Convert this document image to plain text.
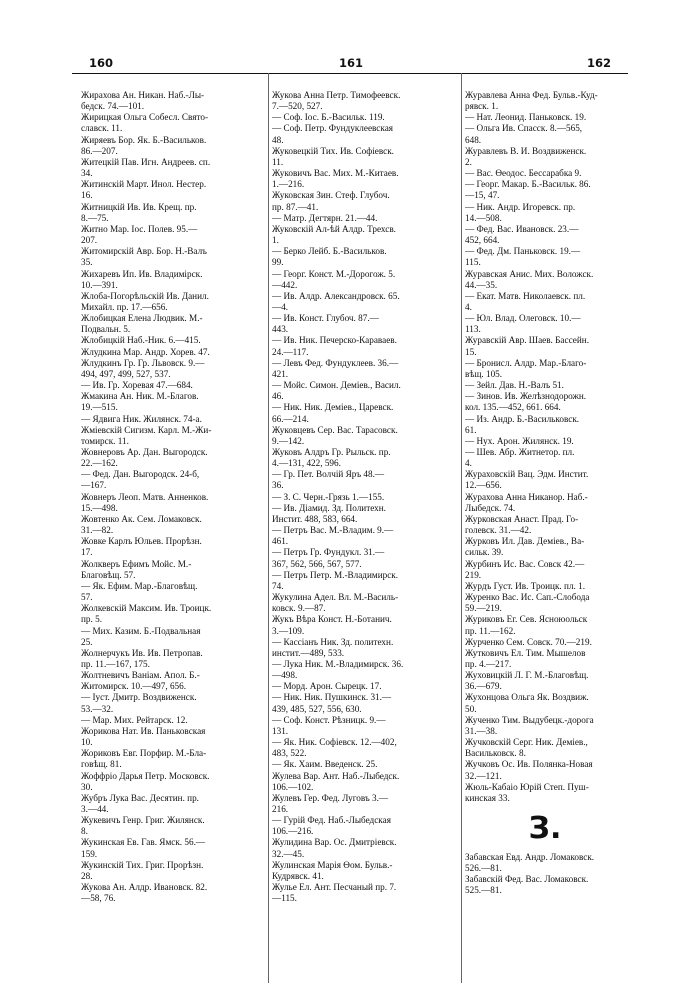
160	161	162
Жирахова Ан. Никан. Наб.-Лы-
бедск. 74.—101.
Жирицкая Ольга Собесл. Свято-
славск. 11.
Жиряевъ Бор. Як. Б.-Васильков.
86.—207.
Житецкій Пав. Игн. Андреев. сп.
34.
Житинскій Март. Инол. Нестер.
16.
Житницкій Ив. Ив. Крещ. пр.
8.—75.
Житно Мар. Іос. Полев. 95.—
207.
Житомирскій Авр. Бор. Н.-Валъ
35.
Жихаревъ Ип. Ив. Владимірск.
10.—391.
Жлоба-Погорѣльскій Ив. Данил.
Михайл. пр. 17.—656.
Жлобицкая Елена Людвик. М.-
Подвальн. 5.
Жлобицкій Наб.-Ник. 6.—415.
Жлудкина Мар. Андр. Хорев. 47.
Жлудкинъ Гр. Гр. Львовск. 9.—
494, 497, 499, 527, 537.
— Ив. Гр. Хоревая 47.—684.
Жмакина Ан. Ник. М.-Благов.
19.—515.
— Ядвига Ник. Жилянск. 74-а.
Жміевскій Сигизм. Карл. М.-Жи-
томирск. 11.
Жовнеровъ Ар. Дан. Выгородск.
22.—162.
— Фед. Дан. Выгородск. 24-б,
—167.
Жовнеръ Леоп. Матв. Анненков.
15.—498.
Жовтенко Ак. Сем. Ломаковск.
31.—82.
Жовке Карлъ Юльев. Прорѣзн.
17.
Жолкверъ Ефимъ Мойс. М.-
Благовѣщ. 57.
— Як. Ефим. Мар.-Благовѣщ.
57.
Жолкевскій Максим. Ив. Троицк.
пр. 5.
— Мих. Казим. Б.-Подвальная
25.
Жолнерчукъ Ив. Ив. Петропав.
пр. 11.—167, 175.
Жолтневичъ Ваніам. Апол. Б.-
Житомирск. 10.—497, 656.
— Іуст. Дмитр. Воздвиженск.
53.—32.
— Мар. Мих. Рейтарск. 12.
Жорикова Нат. Ив. Паньковская
10.
Жориковъ Евг. Порфир. М.-Бла-
говѣщ. 81.
Жоффріо Дарья Петр. Московск.
30.
Жубръ Лука Вас. Десятин. пр.
3.—44.
Жукевичъ Генр. Григ. Жилянск.
8.
Жукинская Ев. Гав. Ямск. 56.—
159.
Жукинскій Тих. Григ. Прорѣзн.
28.
Жукова Ан. Алдр. Ивановск. 82.
—58, 76.
Жукова Анна Петр. Тимофеевск.
7.—520, 527.
— Соф. Іос. Б.-Васильк. 119.
— Соф. Петр. Фундуклеевская
48.
Жуковецкій Тих. Ив. Софіевск.
11.
Жуковичъ Вас. Мих. М.-Китаев.
1.—216.
Жуковская Зин. Стеф. Глубоч.
пр. 87.—41.
— Матр. Дегтярн. 21.—44.
Жуковскій Ал-ѣй Алдр. Трехсв.
1.
— Берко Лейб. Б.-Васильков.
99.
— Георг. Конст. М.-Дорогож. 5.
—442.
— Ив. Алдр. Александровск. 65.
—4.
— Ив. Конст. Глубоч. 87.—
443.
— Ив. Ник. Печерско-Караваев.
24.—117.
— Левъ Фед. Фундуклеев. 36.—
421.
— Мойс. Симон. Деміев., Васил.
46.
— Ник. Ник. Деміев., Царевск.
66.—214.
Жуковцевъ Сер. Вас. Тарасовск.
9.—142.
Жуковъ Алдръ Гр. Рыльск. пр.
4.—131, 422, 596.
— Гр. Пет. Волчій Яръ 48.—
36.
— З. С. Черн.-Грязь 1.—155.
— Ив. Діамид. Зд. Политехн.
Инстит. 488, 583, 664.
— Петръ Вас. М.-Владим. 9.—
461.
— Петръ Гр. Фундукл. 31.—
367, 562, 566, 567, 577.
— Петръ Петр. М.-Владимирск.
74.
Жукулина Адел. Вл. М.-Василь-
ковск. 9.—87.
Жукъ Вѣра Конст. Н.-Ботанич.
3.—109.
— Кассіанъ Ник. Зд. политехн.
инстит.—489, 533.
— Лука Ник. М.-Владимирск. 36.
—498.
— Морд. Арон. Сырецк. 17.
— Ник. Ник. Пушкинск. 31.—
439, 485, 527, 556, 630.
— Соф. Конст. Рѣзницк. 9.—
131.
— Як. Ник. Софіевск. 12.—402,
483, 522.
— Як. Хаим. Введенск. 25.
Жулева Вар. Ант. Наб.-Лыбедск.
106.—102.
Жулевъ Гер. Фед. Луговъ 3.—
216.
— Гурій Фед. Наб.-Лыбедская
106.—216.
Жулидина Вар. Ос. Дмитріевск.
32.—45.
Жулинская Марія Ѳом. Бульв.-
Кудрявск. 41.
Жулье Ел. Ант. Песчаный пр. 7.
—115.
Журавлева Анна Фед. Бульв.-Куд-
рявск. 1.
— Нат. Леонид. Паньковск. 19.
— Ольга Ив. Спасск. 8.—565,
648.
Журавлевъ В. И. Воздвиженск.
2.
— Вас. Ѳеодос. Бессарабка 9.
— Георг. Макар. Б.-Васильк. 86.
—15, 47.
— Ник. Андр. Игоревск. пр.
14.—508.
— Фед. Вас. Ивановск. 23.—
452, 664.
— Фед. Дм. Паньковск. 19.—
115.
Журавская Анис. Мих. Воложск.
44.—35.
— Екат. Матв. Николаевск. пл.
4.
— Юл. Влад. Олеговск. 10.—
113.
Журавскій Авр. Шаев. Бассейн.
15.
— Бронисл. Алдр. Мар.-Благо-
вѣщ. 105.
— Зейл. Дав. Н.-Валъ 51.
— Зинов. Ив. Желѣзнодорожн.
кол. 135.—452, 661. 664.
— Из. Андр. Б.-Васильковск.
61.
— Нух. Арон. Жилянск. 19.
— Шев. Абр. Житнетор. пл.
4.
Жураховскій Вац. Эдм. Инстит.
12.—656.
Журахова Анна Никанор. Наб.-
Лыбедск. 74.
Журковская Анаст. Прад. Го-
голевск. 31.—42.
Журковъ Ил. Дав. Деміев., Ва-
сильк. 39.
Журбинъ Ис. Вас. Совск 42.—
219.
Журдъ Густ. Ив. Троицк. пл. 1.
Журенко Вас. Ис. Сап.-Слобода
59.—219.
Журиковъ Ег. Сев. Ясноюольск
пр. 11.—162.
Журченко Сем. Совск. 70.—219.
Жутковичъ Ел. Тим. Мышелов
пр. 4.—217.
Жуховицкій Л. Г. М.-Благовѣщ.
36.—679.
Жухонцова Ольга Як. Воздвиж.
50.
Жученко Тим. Выдубецк.-дорога
31.—38.
Жучковскій Серг. Ник. Деміев.,
Васильковск. 8.
Жучковъ Ос. Ив. Полянка-Новая
32.—121.
Жюль-Кабаіо Юрій Степ. Пуш-
кинская 33.
З.
Забавская Евд. Андр. Ломаковск.
526.—81.
Забавскій Фед. Вас. Ломаковск.
525.—81.
